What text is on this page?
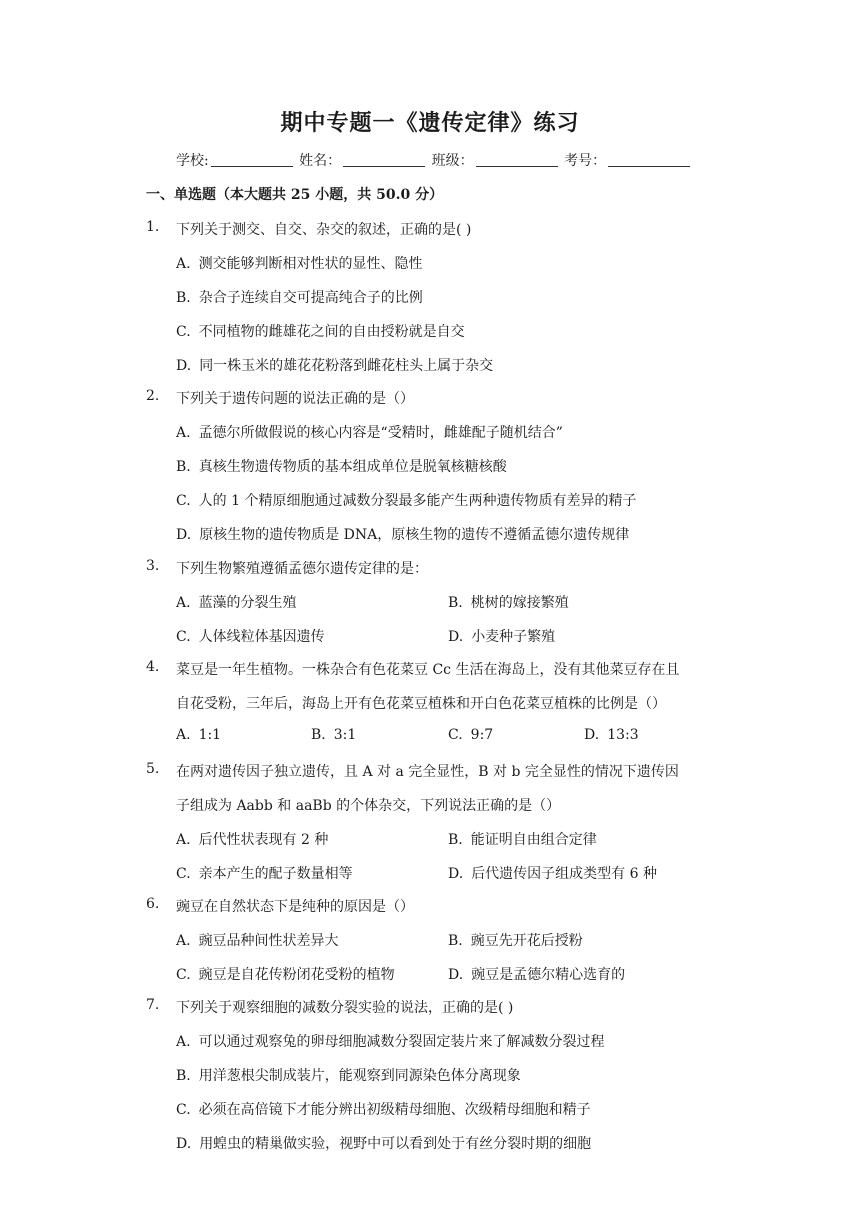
期中专题一《遗传定律》练习
学校:	姓名：	班级：	考号：
一、单选题（本大题共 25 小题，共 50.0 分）
1. 下列关于测交、自交、杂交的叙述，正确的是( )
A. 测交能够判断相对性状的显性、隐性
B. 杂合子连续自交可提高纯合子的比例
C. 不同植物的雌雄花之间的自由授粉就是自交
D. 同一株玉米的雄花花粉落到雌花柱头上属于杂交
2. 下列关于遗传问题的说法正确的是（）
A. 孟德尔所做假说的核心内容是“受精时，雌雄配子随机结合”
B. 真核生物遗传物质的基本组成单位是脱氧核糖核酸
C. 人的 1 个精原细胞通过减数分裂最多能产生两种遗传物质有差异的精子
D. 原核生物的遗传物质是 DNA，原核生物的遗传不遵循孟德尔遗传规律
3. 下列生物繁殖遵循孟德尔遗传定律的是：
A. 蓝藻的分裂生殖	B. 桃树的嫁接繁殖
C. 人体线粒体基因遗传	D. 小麦种子繁殖
4. 菜豆是一年生植物。一株杂合有色花菜豆 Cc 生活在海岛上，没有其他菜豆存在且
自花受粉，三年后，海岛上开有色花菜豆植株和开白色花菜豆植株的比例是（）
A. 1:1	B. 3:1	C. 9:7	D. 13:3
5. 在两对遗传因子独立遗传，且 A 对 a 完全显性，B 对 b 完全显性的情况下遗传因
子组成为 Aabb 和 aaBb 的个体杂交，下列说法正确的是（）
A. 后代性状表现有 2 种	B. 能证明自由组合定律
C. 亲本产生的配子数量相等	D. 后代遗传因子组成类型有 6 种
6. 豌豆在自然状态下是纯种的原因是（）
A. 豌豆品种间性状差异大	B. 豌豆先开花后授粉
C. 豌豆是自花传粉闭花受粉的植物	D. 豌豆是孟德尔精心选育的
7. 下列关于观察细胞的减数分裂实验的说法，正确的是( )
A. 可以通过观察兔的卵母细胞减数分裂固定装片来了解减数分裂过程
B. 用洋葱根尖制成装片，能观察到同源染色体分离现象
C. 必须在高倍镜下才能分辨出初级精母细胞、次级精母细胞和精子
D. 用蝗虫的精巢做实验，视野中可以看到处于有丝分裂时期的细胞
